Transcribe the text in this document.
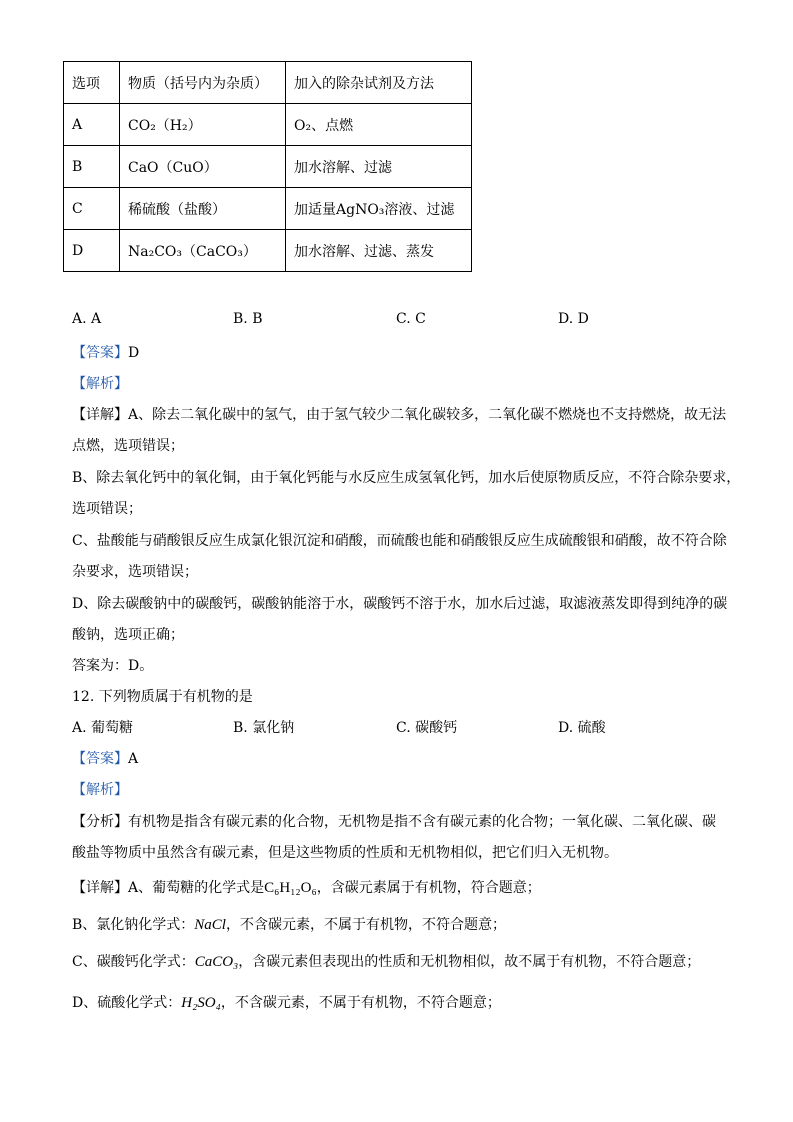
选项	物质（括号内为杂质）	加入的除杂试剂及方法
A	CO₂（H₂）	O₂、点燃
B	CaO（CuO）	加水溶解、过滤
C	稀硫酸（盐酸）	加适量AgNO₃溶液、过滤
D	Na₂CO₃（CaCO₃）	加水溶解、过滤、蒸发
A. A	B. B	C. C	D. D
【答案】D
【解析】
【详解】A、除去二氧化碳中的氢气，由于氢气较少二氧化碳较多，二氧化碳不燃烧也不支持燃烧，故无法
点燃，选项错误；
B、除去氧化钙中的氧化铜，由于氧化钙能与水反应生成氢氧化钙，加水后使原物质反应，不符合除杂要求，
选项错误；
C、盐酸能与硝酸银反应生成氯化银沉淀和硝酸，而硫酸也能和硝酸银反应生成硫酸银和硝酸，故不符合除
杂要求，选项错误；
D、除去碳酸钠中的碳酸钙，碳酸钠能溶于水，碳酸钙不溶于水，加水后过滤，取滤液蒸发即得到纯净的碳
酸钠，选项正确；
答案为：D。
12. 下列物质属于有机物的是
A. 葡萄糖	B. 氯化钠	C. 碳酸钙	D. 硫酸
【答案】A
【解析】
【分析】有机物是指含有碳元素的化合物，无机物是指不含有碳元素的化合物；一氧化碳、二氧化碳、碳
酸盐等物质中虽然含有碳元素，但是这些物质的性质和无机物相似，把它们归入无机物。
【详解】A、葡萄糖的化学式是C₆H₁₂O₆，含碳元素属于有机物，符合题意；
B、氯化钠化学式：NaCl，不含碳元素，不属于有机物，不符合题意；
C、碳酸钙化学式：CaCO₃，含碳元素但表现出的性质和无机物相似，故不属于有机物，不符合题意；
D、硫酸化学式：H₂SO₄，不含碳元素，不属于有机物，不符合题意；
